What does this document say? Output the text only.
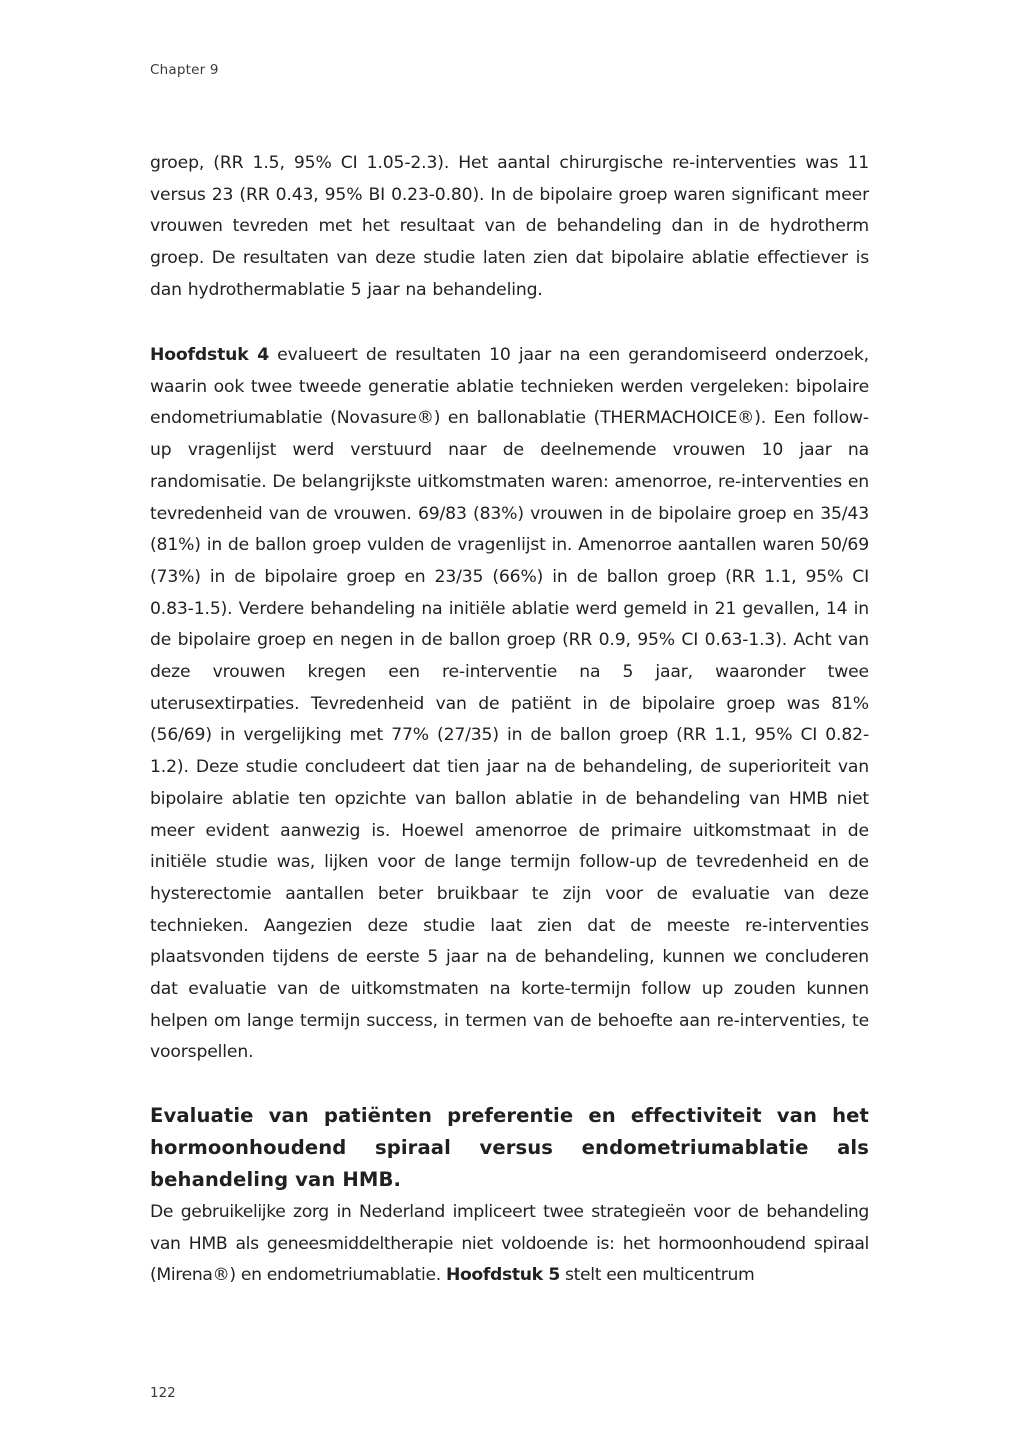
Chapter 9

groep, (RR 1.5, 95% CI 1.05-2.3). Het aantal chirurgische re-interventies was 11 versus 23 (RR 0.43, 95% BI 0.23-0.80). In de bipolaire groep waren significant meer vrouwen tevreden met het resultaat van de behandeling dan in de hydrotherm groep. De resultaten van deze studie laten zien dat bipolaire ablatie effectiever is dan hydrothermablatie 5 jaar na behandeling.

Hoofdstuk 4 evalueert de resultaten 10 jaar na een gerandomiseerd onderzoek, waarin ook twee tweede generatie ablatie technieken werden vergeleken: bipolaire endometriumablatie (Novasure®) en ballonablatie (THERMACHOICE®). Een follow-up vragenlijst werd verstuurd naar de deelnemende vrouwen 10 jaar na randomisatie. De belangrijkste uitkomstmaten waren: amenorroe, re-interventies en tevredenheid van de vrouwen. 69/83 (83%) vrouwen in de bipolaire groep en 35/43 (81%) in de ballon groep vulden de vragenlijst in. Amenorroe aantallen waren 50/69 (73%) in de bipolaire groep en 23/35 (66%) in de ballon groep (RR 1.1, 95% CI 0.83-1.5). Verdere behandeling na initiële ablatie werd gemeld in 21 gevallen, 14 in de bipolaire groep en negen in de ballon groep (RR 0.9, 95% CI 0.63-1.3). Acht van deze vrouwen kregen een re-interventie na 5 jaar, waaronder twee uterusextirpaties. Tevredenheid van de patiënt in de bipolaire groep was 81% (56/69) in vergelijking met 77% (27/35) in de ballon groep (RR 1.1, 95% CI 0.82-1.2). Deze studie concludeert dat tien jaar na de behandeling, de superioriteit van bipolaire ablatie ten opzichte van ballon ablatie in de behandeling van HMB niet meer evident aanwezig is. Hoewel amenorroe de primaire uitkomstmaat in de initiële studie was, lijken voor de lange termijn follow-up de tevredenheid en de hysterectomie aantallen beter bruikbaar te zijn voor de evaluatie van deze technieken. Aangezien deze studie laat zien dat de meeste re-interventies plaatsvonden tijdens de eerste 5 jaar na de behandeling, kunnen we concluderen dat evaluatie van de uitkomstmaten na korte-termijn follow up zouden kunnen helpen om lange termijn success, in termen van de behoefte aan re-interventies, te voorspellen.

Evaluatie van patiënten preferentie en effectiviteit van het hormoonhoudend spiraal versus endometriumablatie als behandeling van HMB.

De gebruikelijke zorg in Nederland impliceert twee strategieën voor de behandeling van HMB als geneesmiddeltherapie niet voldoende is: het hormoonhoudend spiraal (Mirena®) en endometriumablatie. Hoofdstuk 5 stelt een multicentrum

122
